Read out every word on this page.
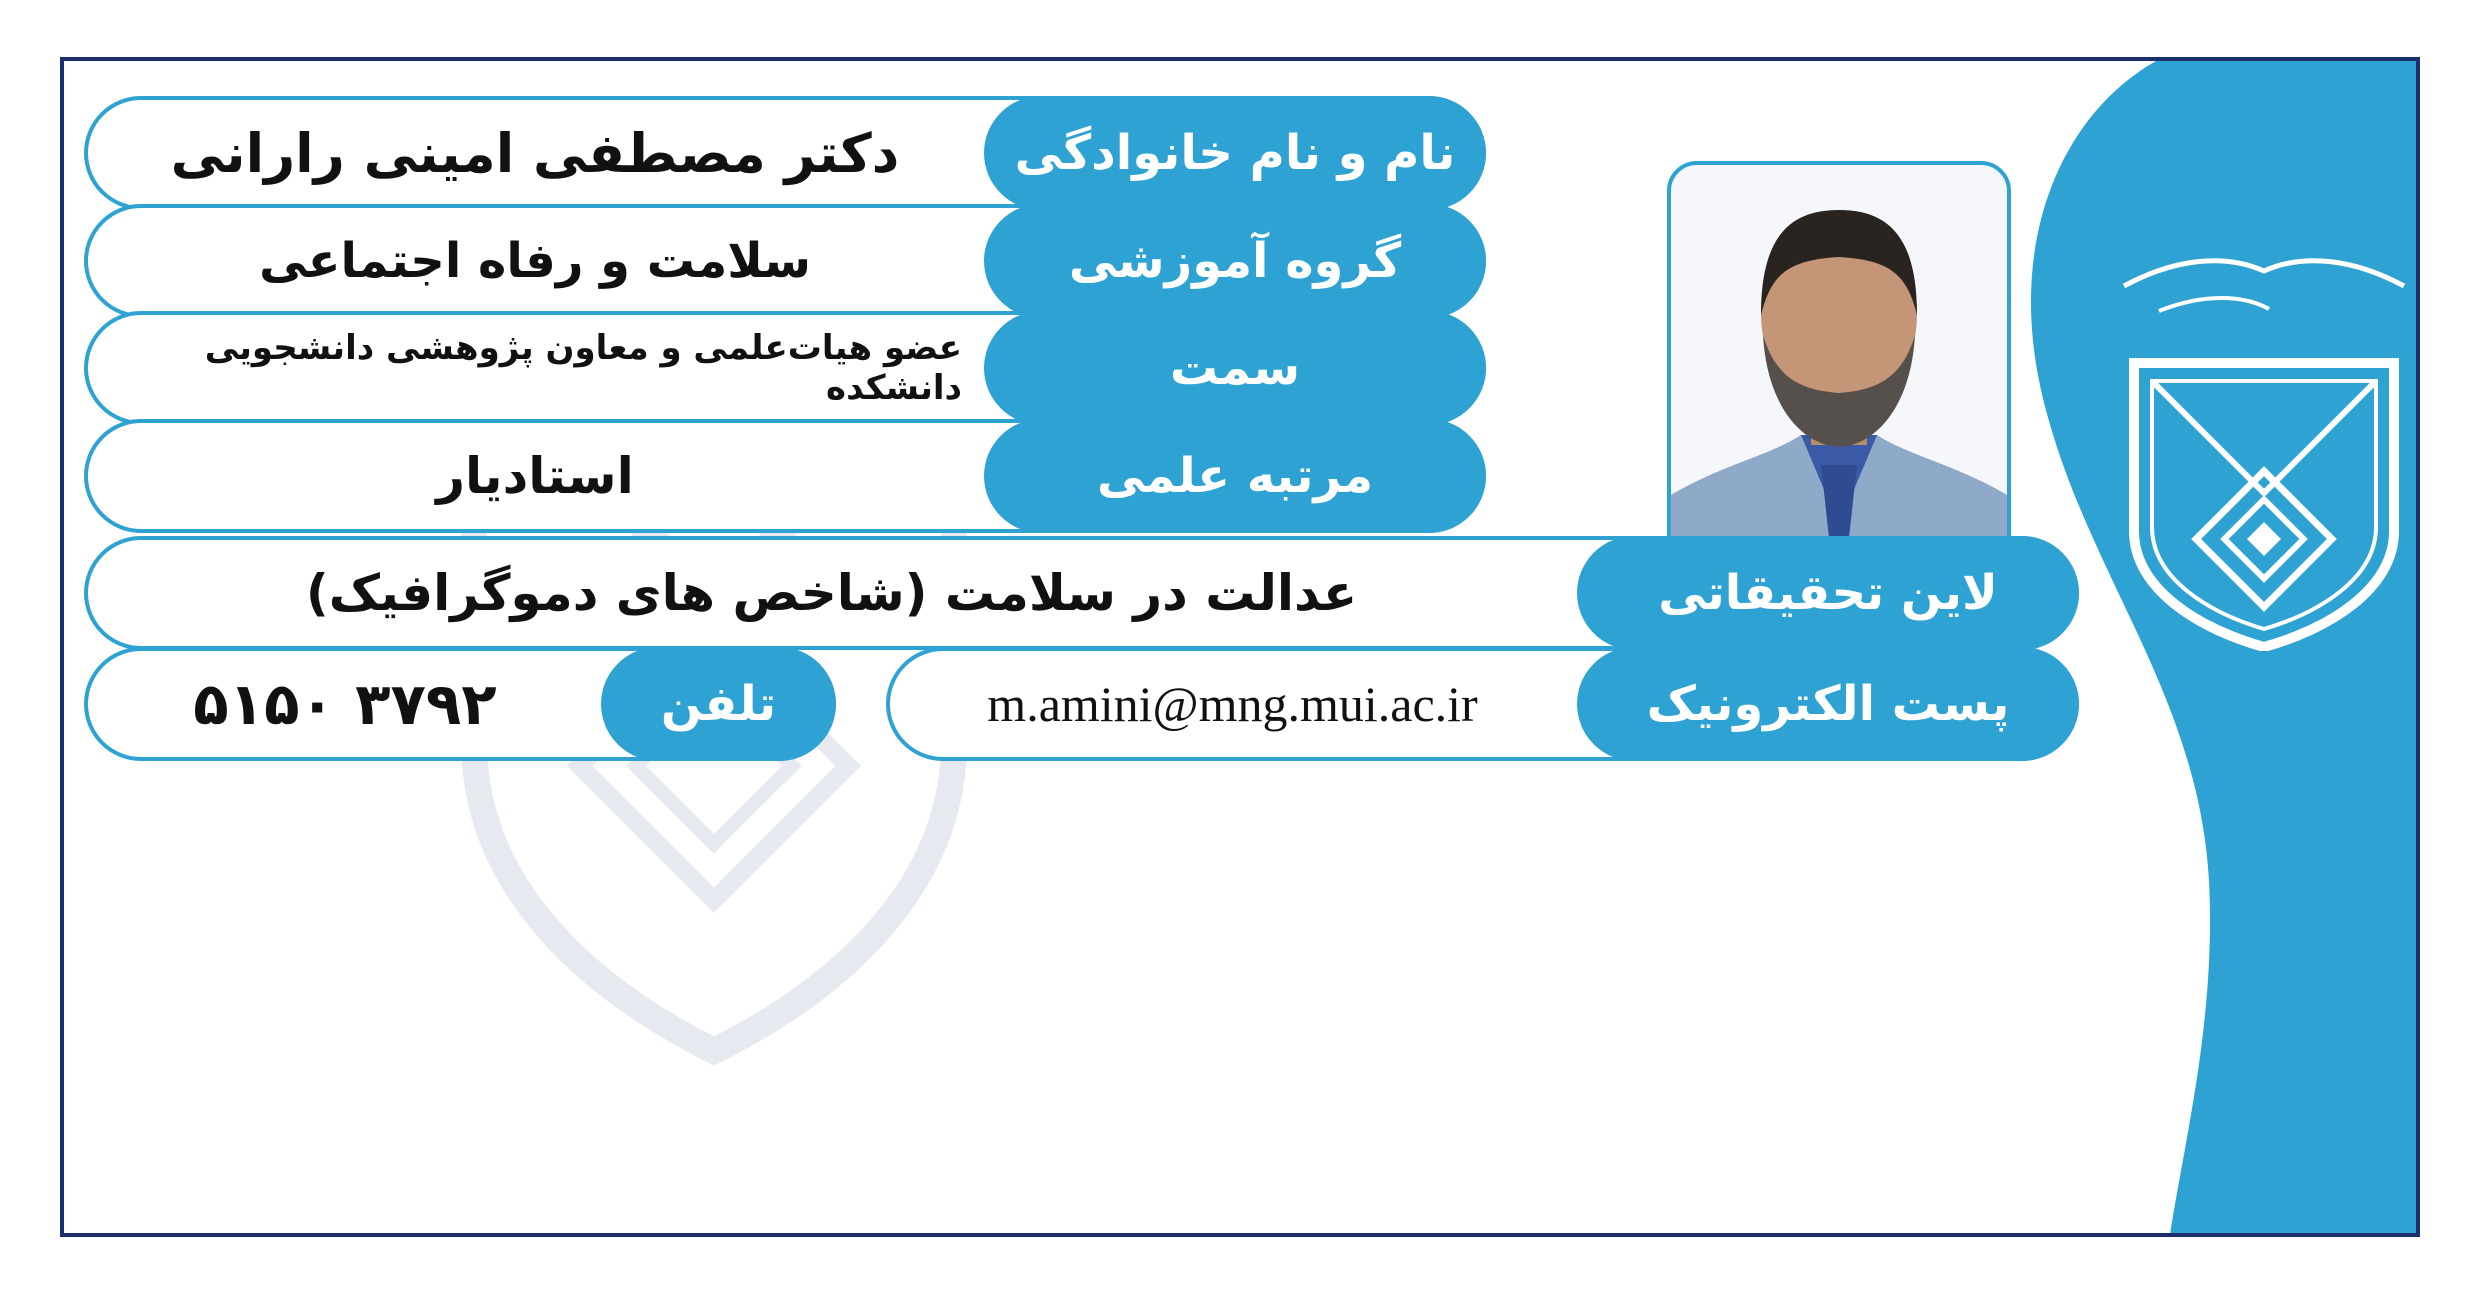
نام و نام خانوادگی
دکتر مصطفی امینی رارانی
گروه آموزشی
سلامت و رفاه اجتماعی
سمت
عضو هیات‌علمی و معاون پژوهشی دانشجویی دانشکده
مرتبه علمی
استادیار
لاین تحقیقاتی
عدالت در سلامت (شاخص های دموگرافیک)
پست الکترونیک
m.amini@mng.mui.ac.ir
تلفن
۳۷۹۲ ۵۱۵۰
